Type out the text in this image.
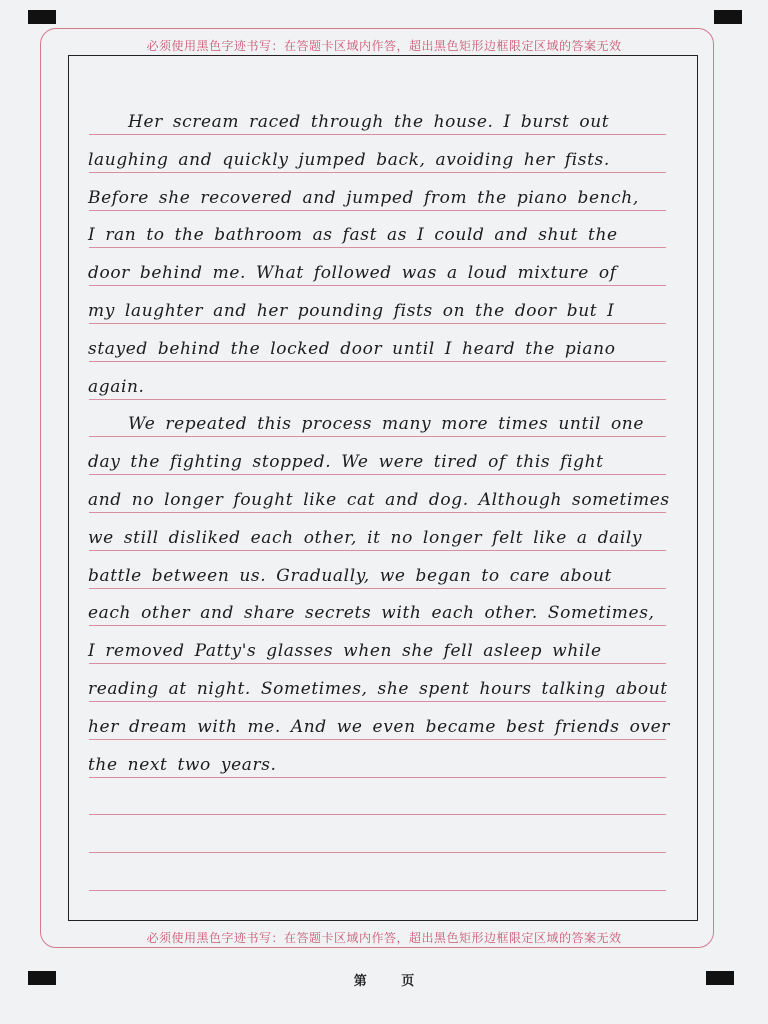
必须使用黑色字迹书写：在答题卡区域内作答，超出黑色矩形边框限定区域的答案无效
必须使用黑色字迹书写：在答题卡区域内作答，超出黑色矩形边框限定区域的答案无效
Her scream raced through the house. I burst out
laughing and quickly jumped back, avoiding her fists.
Before she recovered and jumped from the piano bench,
I ran to the bathroom as fast as I could and shut the
door behind me. What followed was a loud mixture of
my laughter and her pounding fists on the door but I
stayed behind the locked door until I heard the piano
again.
We repeated this process many more times until one
day the fighting stopped. We were tired of this fight
and no longer fought like cat and dog. Although sometimes
we still disliked each other, it no longer felt like a daily
battle between us. Gradually, we began to care about
each other and share secrets with each other. Sometimes,
I removed Patty's glasses when she fell asleep while
reading at night. Sometimes, she spent hours talking about
her dream with me. And we even became best friends over
the next two years.
第 页
